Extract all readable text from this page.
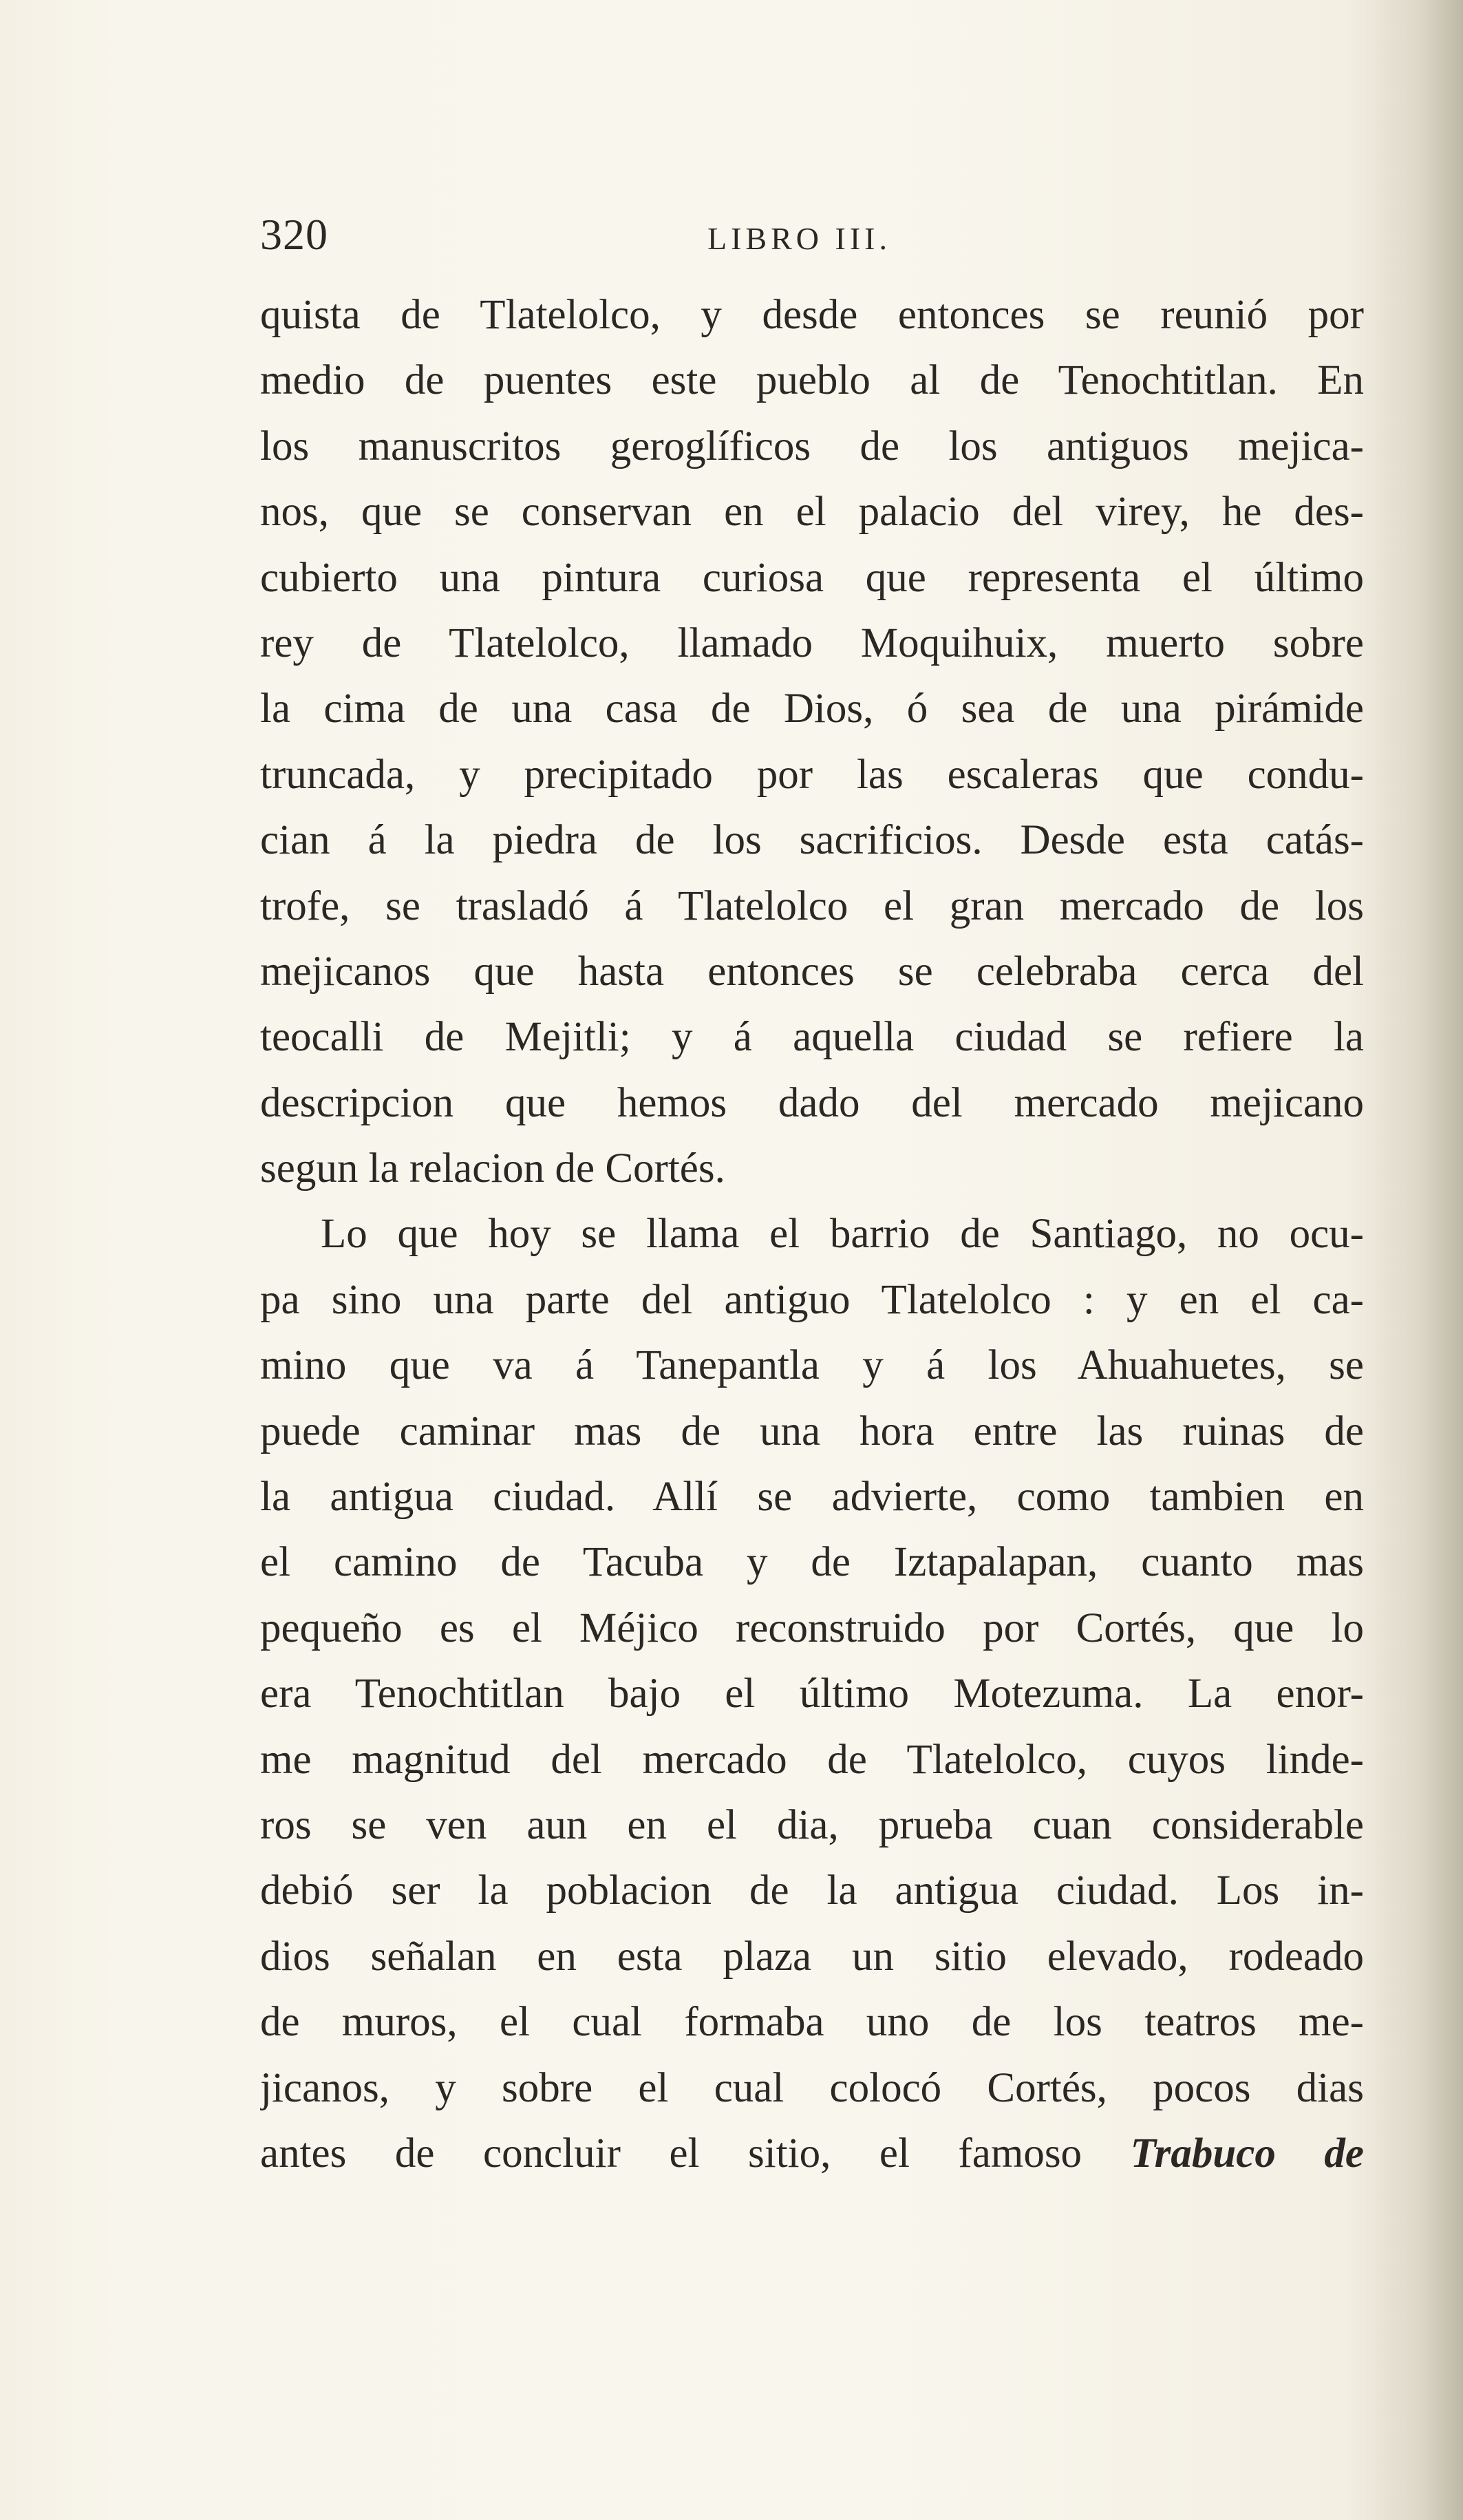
320	LIBRO III.
quista de Tlatelolco, y desde entonces se reunió por
medio de puentes este pueblo al de Tenochtitlan. En
los manuscritos geroglíficos de los antiguos mejica-
nos, que se conservan en el palacio del virey, he des-
cubierto una pintura curiosa que representa el último
rey de Tlatelolco, llamado Moquihuix, muerto sobre
la cima de una casa de Dios, ó sea de una pirámide
truncada, y precipitado por las escaleras que condu-
cian á la piedra de los sacrificios. Desde esta catás-
trofe, se trasladó á Tlatelolco el gran mercado de los
mejicanos que hasta entonces se celebraba cerca del
teocalli de Mejitli; y á aquella ciudad se refiere la
descripcion que hemos dado del mercado mejicano
segun la relacion de Cortés.
Lo que hoy se llama el barrio de Santiago, no ocu-
pa sino una parte del antiguo Tlatelolco : y en el ca-
mino que va á Tanepantla y á los Ahuahuetes, se
puede caminar mas de una hora entre las ruinas de
la antigua ciudad. Allí se advierte, como tambien en
el camino de Tacuba y de Iztapalapan, cuanto mas
pequeño es el Méjico reconstruido por Cortés, que lo
era Tenochtitlan bajo el último Motezuma. La enor-
me magnitud del mercado de Tlatelolco, cuyos linde-
ros se ven aun en el dia, prueba cuan considerable
debió ser la poblacion de la antigua ciudad. Los in-
dios señalan en esta plaza un sitio elevado, rodeado
de muros, el cual formaba uno de los teatros me-
jicanos, y sobre el cual colocó Cortés, pocos dias
antes de concluir el sitio, el famoso Trabuco de
